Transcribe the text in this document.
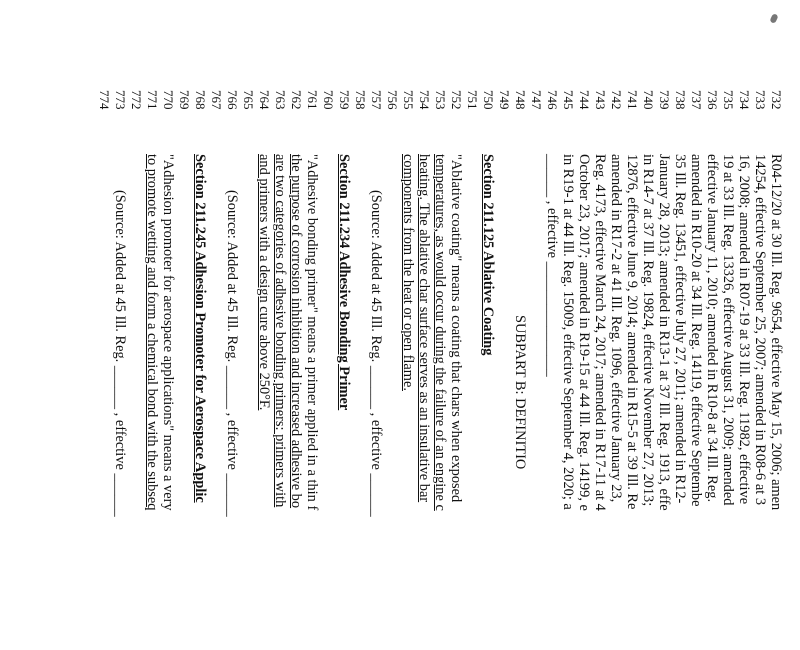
732
R04-12/20 at 30 Ill. Reg. 9654, effective May 15, 2006; amen
733
14254, effective September 25, 2007; amended in R08-6 at 3
734
16, 2008; amended in R07-19 at 33 Ill. Reg. 11982, effective
735
19 at 33 Ill. Reg. 13326, effective August 31, 2009; amended
736
effective January 11, 2010; amended in R10-8 at 34 Ill. Reg.
737
amended in R10-20 at 34 Ill. Reg. 14119, effective Septembe
738
35 Ill. Reg. 13451, effective July 27, 2011; amended in R12-
739
January 28, 2013; amended in R13-1 at 37 Ill. Reg. 1913, effe
740
in R14-7 at 37 Ill. Reg. 19824, effective November 27, 2013;
741
12876, effective June 9, 2014; amended in R15-5 at 39 Ill. Re
742
amended in R17-2 at 41 Ill. Reg. 1096, effective January 23,
743
Reg. 4173, effective March 24, 2017; amended in R17-11 at 4
744
October 23, 2017; amended in R19-15 at 44 Ill. Reg. 14199, e
745
in R19-1 at 44 Ill. Reg. 15009, effective September 4, 2020; a
746
______ , effective ________________
747
748
SUBPART B: DEFINITIO
749
750
Section 211.125 Ablative Coating
751
752
"Ablative coating" means a coating that chars when exposed
753
temperatures, as would occur during the failure of an engine c
754
heating. The ablative char surface serves as an insulative bar
755
components from the heat or open flame.
756
757
(Source: Added at 45 Ill. Reg. ______ , effective ______
758
759
Section 211.234 Adhesive Bonding Primer
760
761
"Adhesive bonding primer" means a primer applied in a thin f
762
the purpose of corrosion inhibition and increased adhesive bo
763
are two categories of adhesive bonding primers: primers with
764
and primers with a design cure above 250°F.
765
766
(Source: Added at 45 Ill. Reg. ______ , effective ______
767
768
Section 211.245 Adhesion Promoter for Aerospace Applic
769
770
"Adhesion promoter for aerospace applications" means a very
771
to promote wetting and form a chemical bond with the subseq
772
773
(Source: Added at 45 Ill. Reg. ______ , effective ______
774
